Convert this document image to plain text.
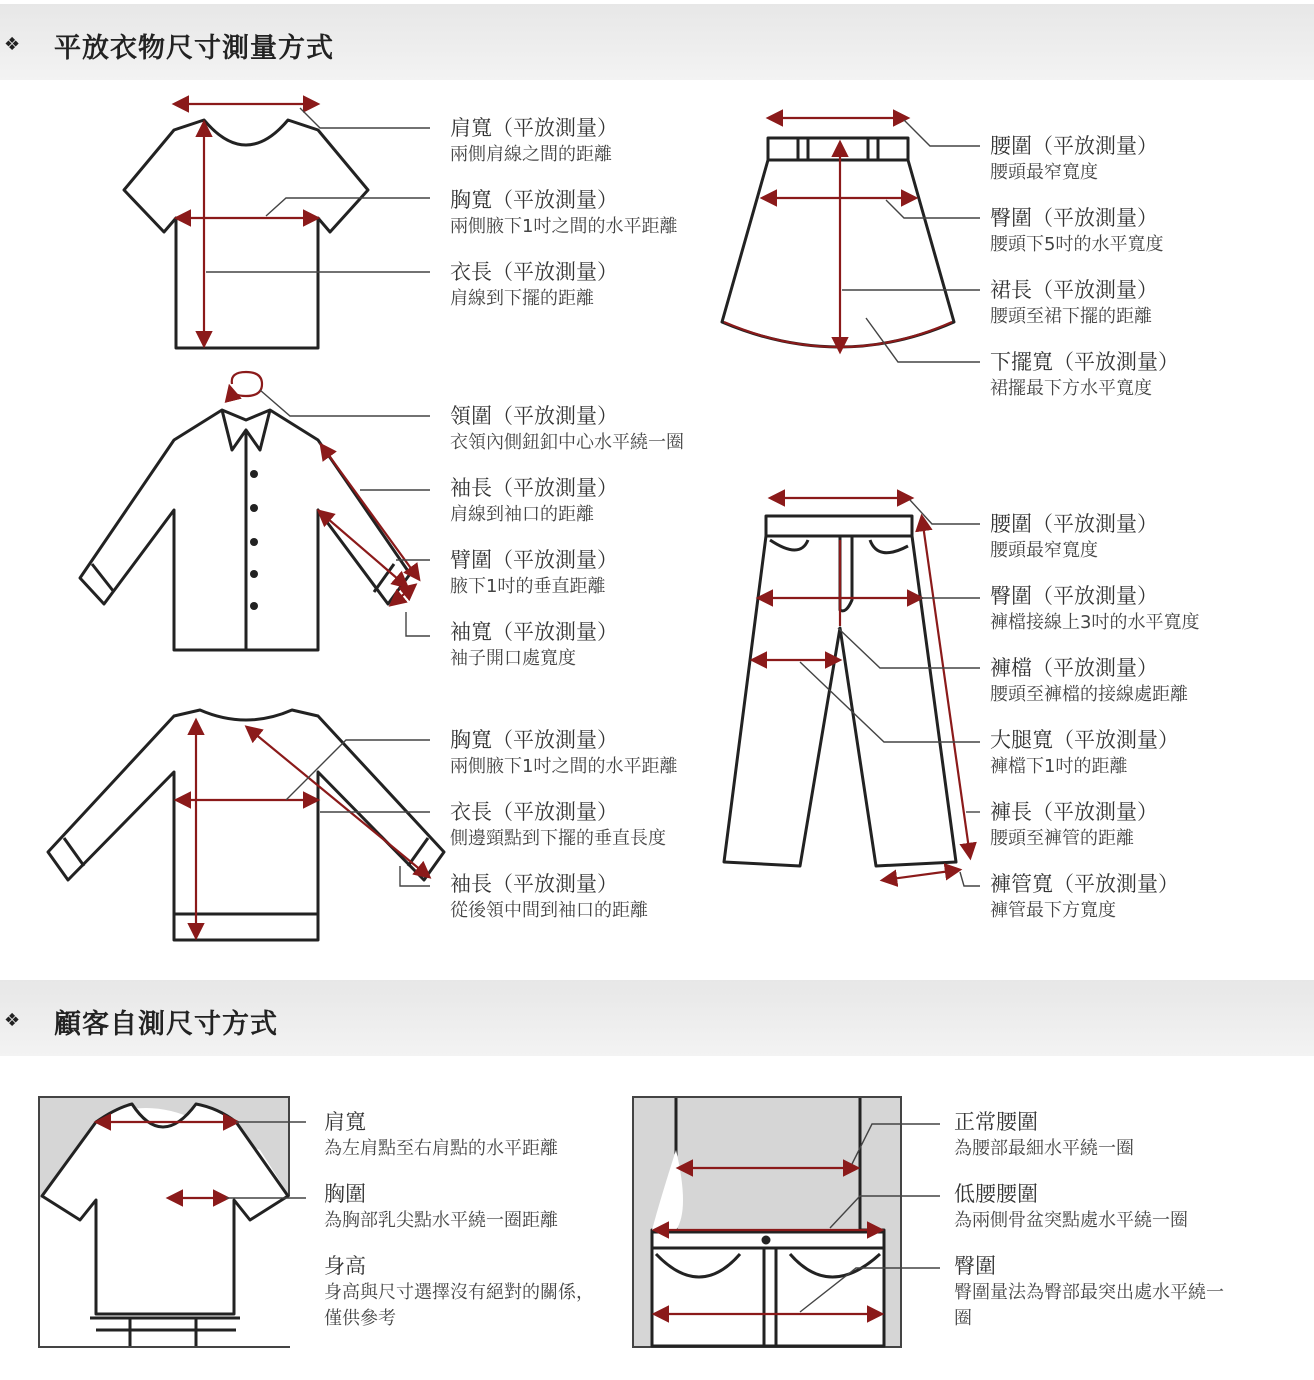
❖ 平放衣物尺寸測量方式
❖ 顧客自測尺寸方式
肩寬（平放測量）
兩側肩線之間的距離
胸寬（平放測量）
兩側腋下1吋之間的水平距離
衣長（平放測量）
肩線到下擺的距離
領圍（平放測量）
衣領內側鈕釦中心水平繞一圈
袖長（平放測量）
肩線到袖口的距離
臂圍（平放測量）
腋下1吋的垂直距離
袖寬（平放測量）
袖子開口處寬度
胸寬（平放測量）
兩側腋下1吋之間的水平距離
衣長（平放測量）
側邊頸點到下擺的垂直長度
袖長（平放測量）
從後領中間到袖口的距離
腰圍（平放測量）
腰頭最窄寬度
臀圍（平放測量）
腰頭下5吋的水平寬度
裙長（平放測量）
腰頭至裙下擺的距離
下擺寬（平放測量）
裙擺最下方水平寬度
腰圍（平放測量）
腰頭最窄寬度
臀圍（平放測量）
褲檔接線上3吋的水平寬度
褲檔（平放測量）
腰頭至褲檔的接線處距離
大腿寬（平放測量）
褲檔下1吋的距離
褲長（平放測量）
腰頭至褲管的距離
褲管寬（平放測量）
褲管最下方寬度
肩寬
為左肩點至右肩點的水平距離
胸圍
為胸部乳尖點水平繞一圈距離
身高
身高與尺寸選擇沒有絕對的關係，僅供參考
正常腰圍
為腰部最細水平繞一圈
低腰腰圍
為兩側骨盆突點處水平繞一圈
臀圍
臀圍量法為臀部最突出處水平繞一圈
